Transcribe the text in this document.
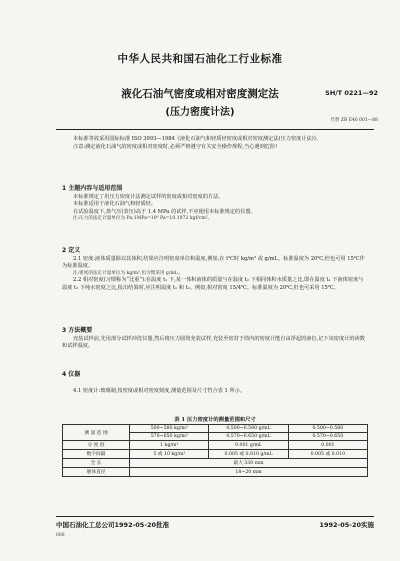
中华人民共和国石油化工行业标准
SH/T 0221—92
液化石油气密度或相对密度测定法
(压力密度计法)
代替 ZB E46 001—88

本标准等效采用国际标准 ISO 3993—1984《液化石油气和轻质烃密度或相对密度测定法(压力密度计法)》。

注意:测定液化石油气的密度或相对密度时,必须严格遵守有关安全操作规程,当心遇到危险!

1 主题内容与适用范围

本标准规定了用压力密度计法测定试样的密度或相对密度的方法。

本标准适用于液化石油气和轻质烃。

在试验温度下,蒸气压(表压)高于 1.4 MPa 的试样,不应使用本标准规定的仪器。

注:压力的法定计量单位为 Pa;1MPa=10⁶ Pa=10.1972 kgf/cm²。

2 定义

2.1 密度:液体质量除以其体积,结果应注明密度单位和温度,例如,在 t℃时 kg/m³ 或 g/mL。标准温度为 20℃,但也可用 15℃作为标准温度。

注:密度的法定计量单位为 kg/m³,但习惯采用 g/mL。

2.2 相对密度(习惯称为“比重”):在温度 t₁ 下,某一体积液体的质量与在温度 t₂ 下相同体积水质量之比,即在温度 t₁ 下液体密度与温度 t₂ 下纯水密度之比,报出结果时,应注明温度 t₁ 和 t₂。例如,相对密度 15/4℃。标准温度为 20℃,但也可采用 15℃。

3 方法概要

充装试样前,先用部分试样冲洗仪器,然后将压力圆筒充装试样,充装至密封于筒内的密度计能自由浮起的液位,记下该密度计的读数和试样温度。

4 仪器

4.1 密度计:玻璃制,按密度或相对密度刻度,测量范围及尺寸符合表 1 所示。

表 1 压力密度计的测量范围和尺寸
测 量 范 围	500~580 kg/m³	0.500~0.580 g/mL	0.500~0.580
	570~650 kg/m³	0.570~0.650 g/mL	0.570~0.650
分 度 值	1 kg/m³	0.001 g/mL	0.001
数字间隔	5 或 10 kg/m³	0.005 或 0.010 g/mL	0.005 或 0.010
全 长	最大 330 mm		
躯体直径	18~20 mm		
中国石油化工总公司1992-05-20批准	1992-05-20实施
688
